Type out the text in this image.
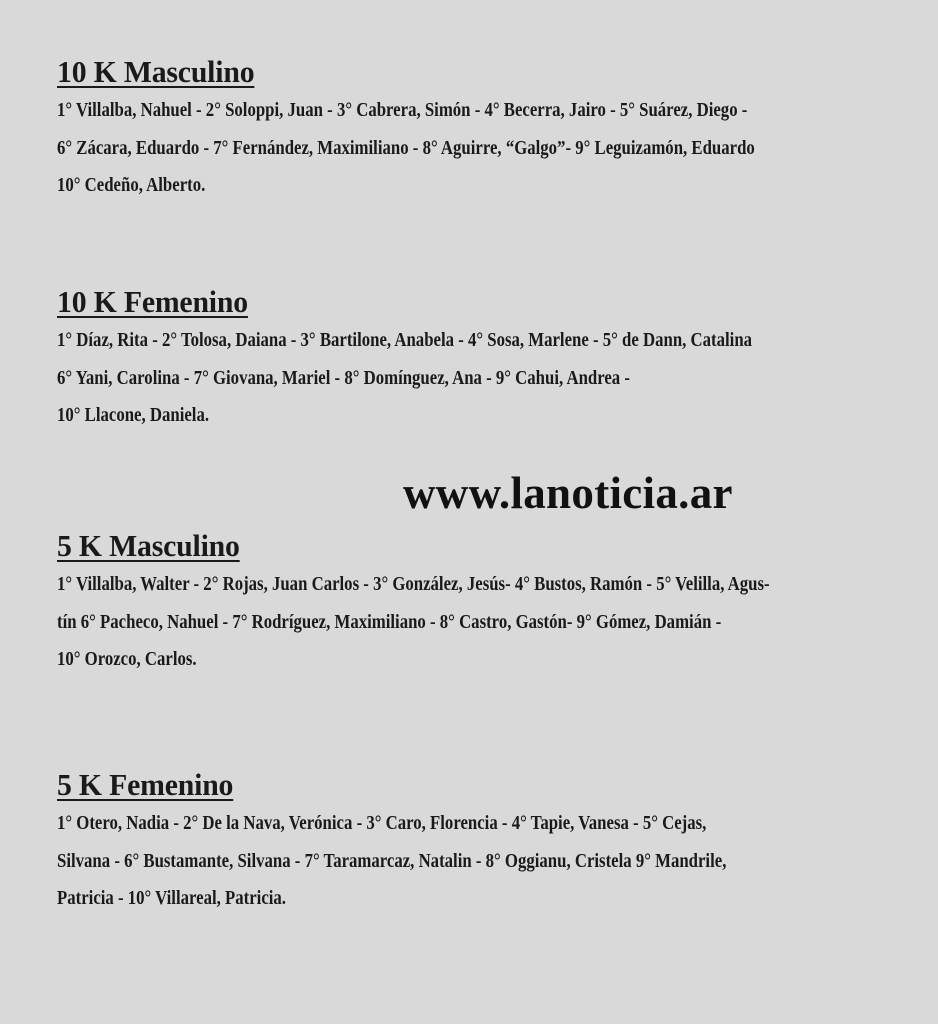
10 K Masculino

1° Villalba, Nahuel - 2° Soloppi, Juan - 3° Cabrera, Simón - 4° Becerra, Jairo - 5° Suárez, Diego -

6° Zácara, Eduardo - 7° Fernández, Maximiliano - 8° Aguirre, “Galgo”- 9° Leguizamón, Eduardo

10° Cedeño, Alberto.

10 K Femenino

1° Díaz, Rita - 2° Tolosa, Daiana - 3° Bartilone, Anabela - 4° Sosa, Marlene - 5° de Dann, Catalina

6° Yani, Carolina - 7° Giovana, Mariel - 8° Domínguez, Ana - 9° Cahui, Andrea -

10° Llacone, Daniela.

www.lanoticia.ar

5 K Masculino

1° Villalba, Walter - 2° Rojas, Juan Carlos - 3° González, Jesús- 4° Bustos, Ramón - 5° Velilla, Agus-

tín 6° Pacheco, Nahuel - 7° Rodríguez, Maximiliano - 8° Castro, Gastón- 9° Gómez, Damián -

10° Orozco, Carlos.

5 K Femenino

1° Otero, Nadia - 2° De la Nava, Verónica - 3° Caro, Florencia - 4° Tapie, Vanesa - 5° Cejas,

Silvana - 6° Bustamante, Silvana - 7° Taramarcaz, Natalin - 8° Oggianu, Cristela 9° Mandrile,

Patricia - 10° Villareal, Patricia.
